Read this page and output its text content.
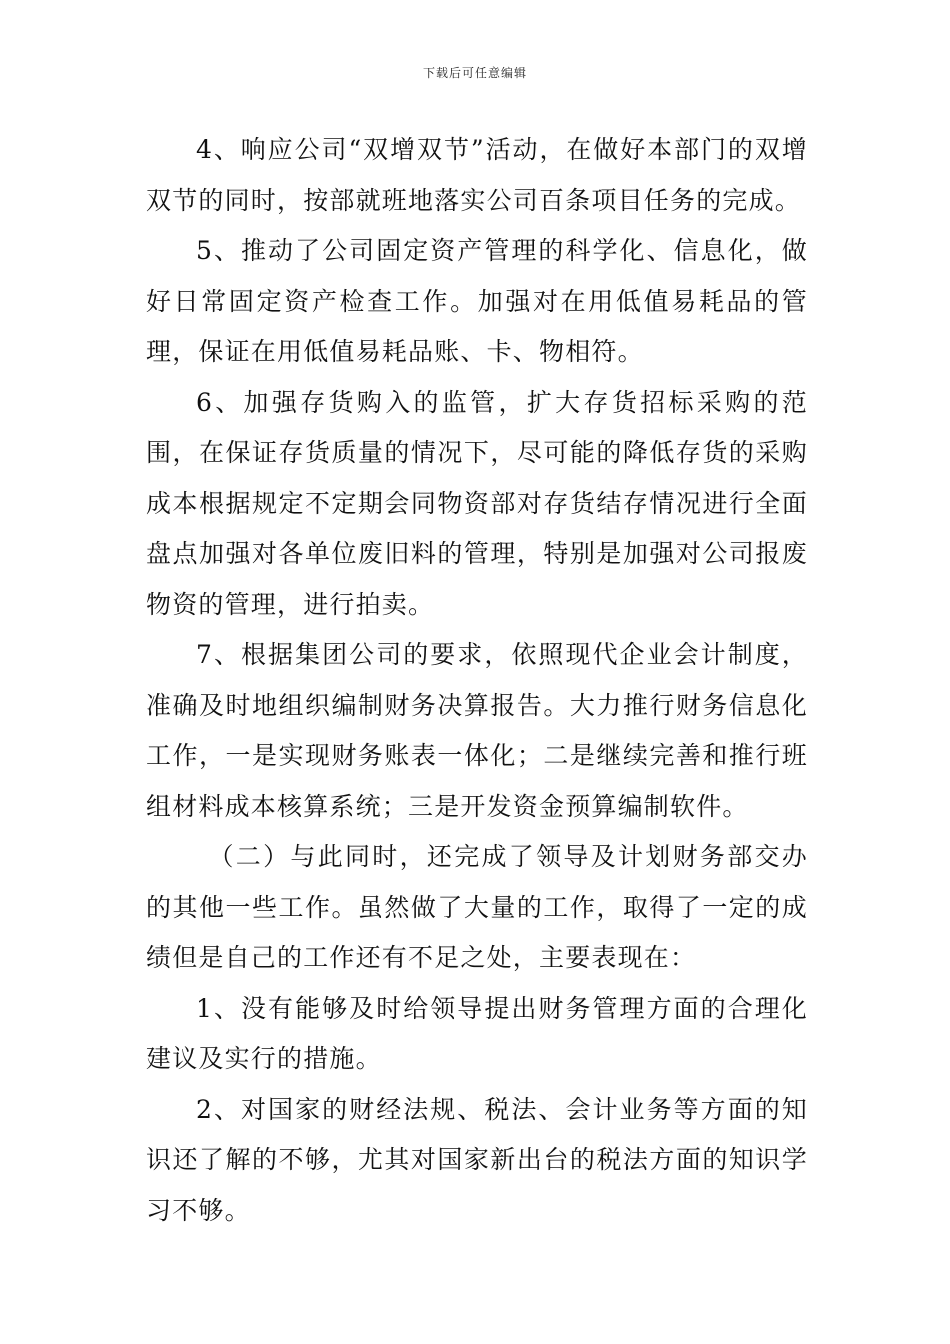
下载后可任意编辑

4、响应公司“双增双节”活动，在做好本部门的双增双节的同时，按部就班地落实公司百条项目任务的完成。

5、推动了公司固定资产管理的科学化、信息化，做好日常固定资产检查工作。加强对在用低值易耗品的管理，保证在用低值易耗品账、卡、物相符。

6、加强存货购入的监管，扩大存货招标采购的范围，在保证存货质量的情况下，尽可能的降低存货的采购成本根据规定不定期会同物资部对存货结存情况进行全面盘点加强对各单位废旧料的管理，特别是加强对公司报废物资的管理，进行拍卖。

7、根据集团公司的要求，依照现代企业会计制度，准确及时地组织编制财务决算报告。大力推行财务信息化工作，一是实现财务账表一体化；二是继续完善和推行班组材料成本核算系统；三是开发资金预算编制软件。

（二）与此同时，还完成了领导及计划财务部交办的其他一些工作。虽然做了大量的工作，取得了一定的成绩但是自己的工作还有不足之处，主要表现在：

1、没有能够及时给领导提出财务管理方面的合理化建议及实行的措施。

2、对国家的财经法规、税法、会计业务等方面的知识还了解的不够，尤其对国家新出台的税法方面的知识学习不够。
